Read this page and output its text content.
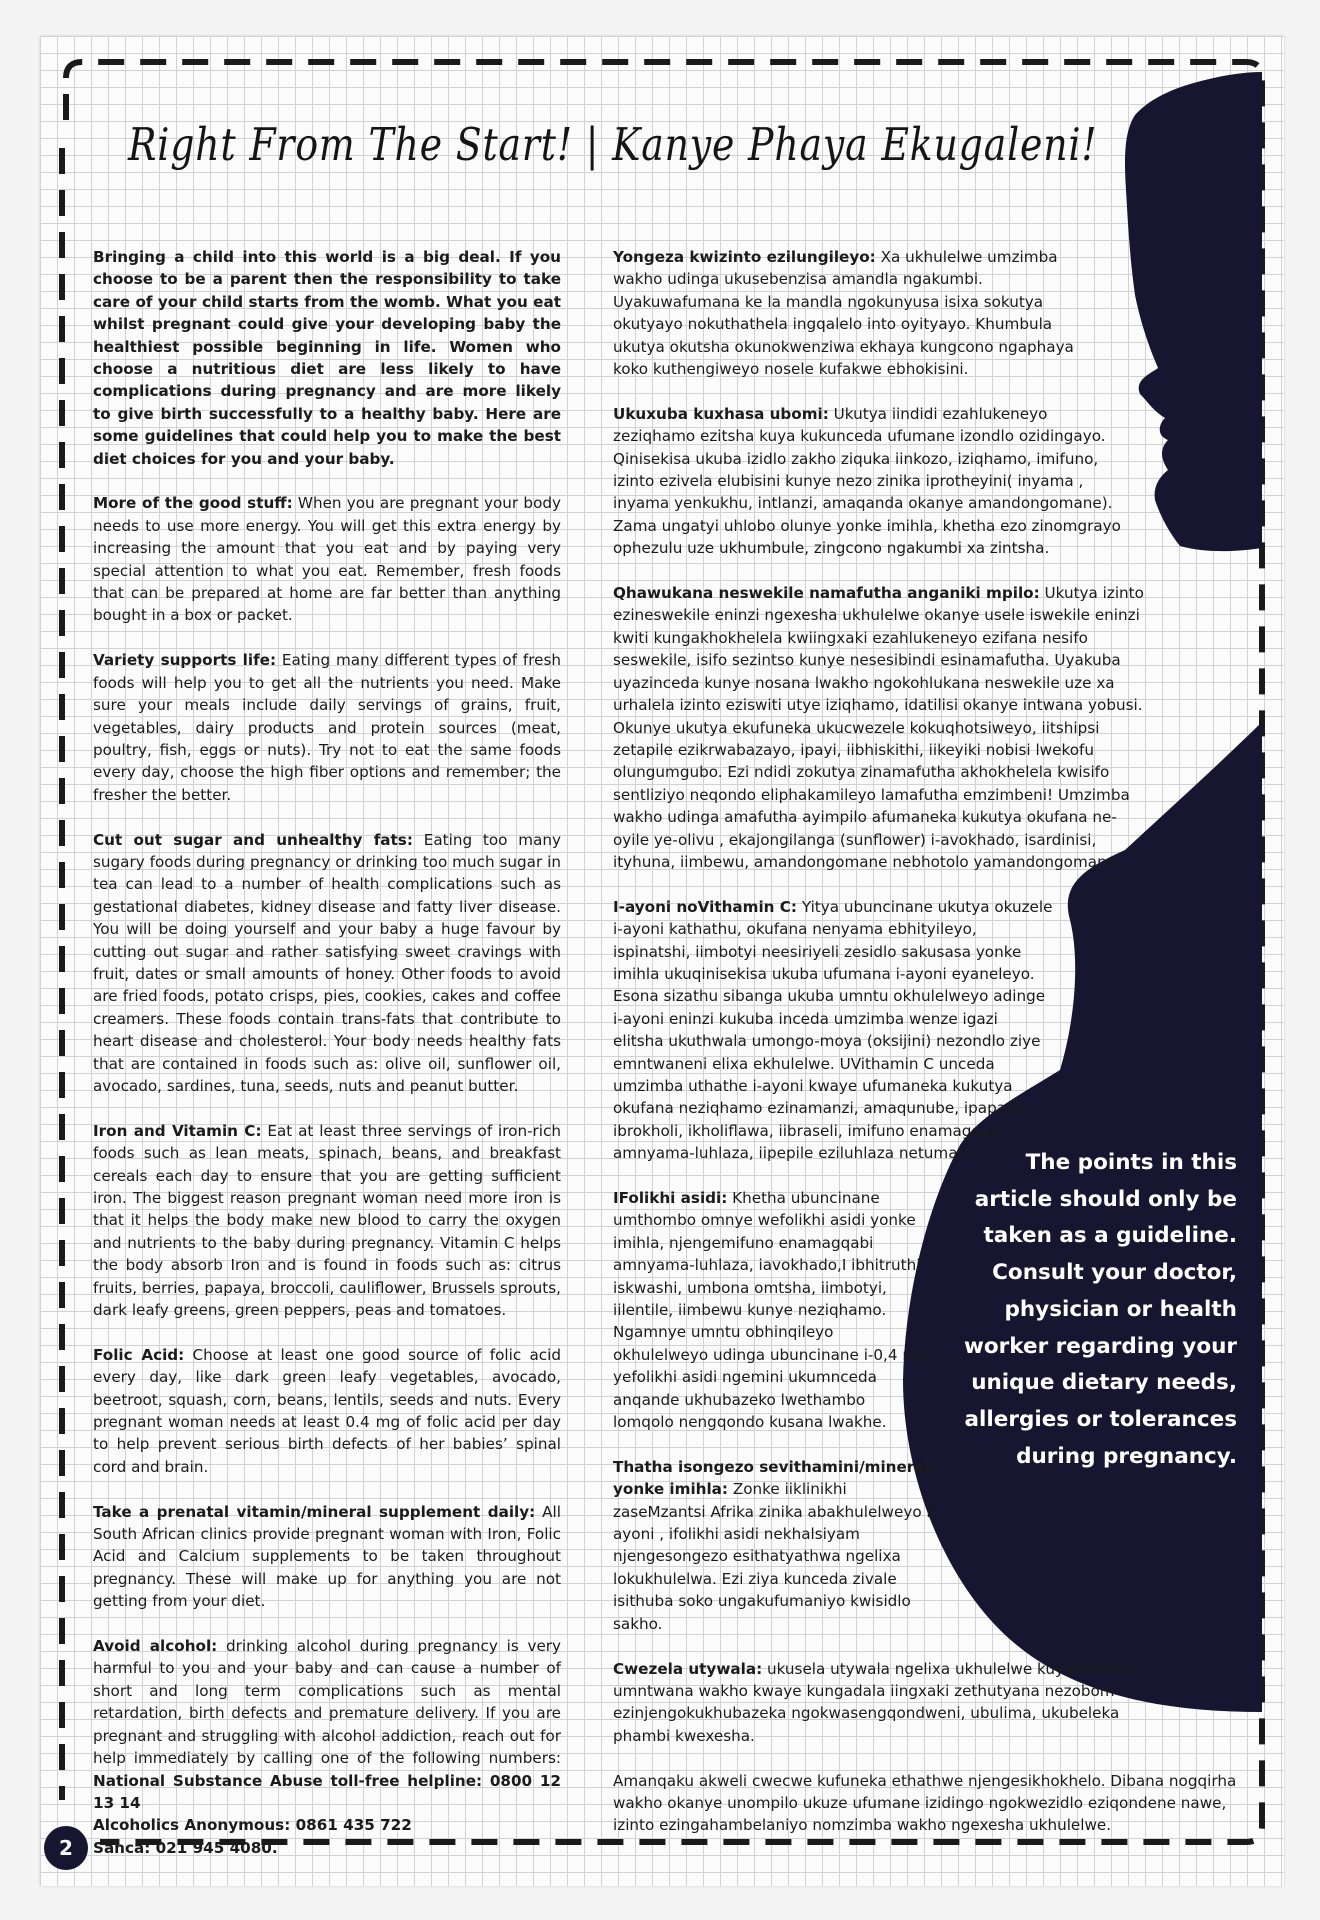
Right From The Start! | Kanye Phaya Ekugaleni!

Bringing a child into this world is a big deal. If you choose to be a parent then the responsibility to take care of your child starts from the womb. What you eat whilst pregnant could give your developing baby the healthiest possible beginning in life. Women who choose a nutritious diet are less likely to have complications during pregnancy and are more likely to give birth successfully to a healthy baby. Here are some guidelines that could help you to make the best diet choices for you and your baby.

More of the good stuff: When you are pregnant your body needs to use more energy. You will get this extra energy by increasing the amount that you eat and by paying very special attention to what you eat. Remember, fresh foods that can be prepared at home are far better than anything bought in a box or packet.

Variety supports life: Eating many different types of fresh foods will help you to get all the nutrients you need. Make sure your meals include daily servings of grains, fruit, vegetables, dairy products and protein sources (meat, poultry, fish, eggs or nuts). Try not to eat the same foods every day, choose the high fiber options and remember; the fresher the better.

Cut out sugar and unhealthy fats: Eating too many sugary foods during pregnancy or drinking too much sugar in tea can lead to a number of health complications such as gestational diabetes, kidney disease and fatty liver disease. You will be doing yourself and your baby a huge favour by cutting out sugar and rather satisfying sweet cravings with fruit, dates or small amounts of honey. Other foods to avoid are fried foods, potato crisps, pies, cookies, cakes and coffee creamers. These foods contain trans-fats that contribute to heart disease and cholesterol. Your body needs healthy fats that are contained in foods such as: olive oil, sunflower oil, avocado, sardines, tuna, seeds, nuts and peanut butter.

Iron and Vitamin C: Eat at least three servings of iron-rich foods such as lean meats, spinach, beans, and breakfast cereals each day to ensure that you are getting sufficient iron. The biggest reason pregnant woman need more iron is that it helps the body make new blood to carry the oxygen and nutrients to the baby during pregnancy. Vitamin C helps the body absorb Iron and is found in foods such as: citrus fruits, berries, papaya, broccoli, cauliflower, Brussels sprouts, dark leafy greens, green peppers, peas and tomatoes.

Folic Acid: Choose at least one good source of folic acid every day, like dark green leafy vegetables, avocado, beetroot, squash, corn, beans, lentils, seeds and nuts. Every pregnant woman needs at least 0.4 mg of folic acid per day to help prevent serious birth defects of her babies’ spinal cord and brain.

Take a prenatal vitamin/mineral supplement daily: All South African clinics provide pregnant woman with Iron, Folic Acid and Calcium supplements to be taken throughout pregnancy. These will make up for anything you are not getting from your diet.

Avoid alcohol: drinking alcohol during pregnancy is very harmful to you and your baby and can cause a number of short and long term complications such as mental retardation, birth defects and premature delivery. If you are pregnant and struggling with alcohol addiction, reach out for help immediately by calling one of the following numbers: National Substance Abuse toll-free helpline: 0800 12 13 14
Alcoholics Anonymous: 0861 435 722
Sanca: 021 945 4080.

Yongeza kwizinto ezilungileyo: Xa ukhulelwe umzimba wakho udinga ukusebenzisa amandla ngakumbi. Uyakuwafumana ke la mandla ngokunyusa isixa sokutya okutyayo nokuthathela ingqalelo into oyityayo. Khumbula ukutya okutsha okunokwenziwa ekhaya kungcono ngaphaya koko kuthengiweyo nosele kufakwe ebhokisini.

Ukuxuba kuxhasa ubomi: Ukutya iindidi ezahlukeneyo zeziqhamo ezitsha kuya kukunceda ufumane izondlo ozidingayo. Qinisekisa ukuba izidlo zakho ziquka iinkozo, iziqhamo, imifuno, izinto ezivela elubisini kunye nezo zinika iprotheyini( inyama , inyama yenkukhu, intlanzi, amaqanda okanye amandongomane). Zama ungatyi uhlobo olunye yonke imihla, khetha ezo zinomgrayo ophezulu uze ukhumbule, zingcono ngakumbi xa zintsha.

Qhawukana neswekile namafutha anganiki mpilo: Ukutya izinto ezineswekile eninzi ngexesha ukhulelwe okanye usele iswekile eninzi kwiti kungakhokhelela kwiingxaki ezahlukeneyo ezifana nesifo seswekile, isifo sezintso kunye nesesibindi esinamafutha. Uyakuba uyazinceda kunye nosana lwakho ngokohlukana neswekile uze xa urhalela izinto eziswiti utye iziqhamo, idatilisi okanye intwana yobusi. Okunye ukutya ekufuneka ukucwezele kokuqhotsiweyo, iitshipsi zetapile ezikrwabazayo, ipayi, iibhiskithi, iikeyiki nobisi lwekofu olungumgubo. Ezi ndidi zokutya zinamafutha akhokhelela kwisifo sentliziyo neqondo eliphakamileyo lamafutha emzimbeni! Umzimba wakho udinga amafutha ayimpilo afumaneka kukutya okufana ne-oyile ye-olivu , ekajongilanga (sunflower) i-avokhado, isardinisi, ityhuna, iimbewu, amandongomane nebhotolo yamandongomane.

I-ayoni noVithamin C: Yitya ubuncinane ukutya okuzele i-ayoni kathathu, okufana nenyama ebhityileyo, ispinatshi, iimbotyi neesiriyeli zesidlo sakusasa yonke imihla ukuqinisekisa ukuba ufumana i-ayoni eyaneleyo. Esona sizathu sibanga ukuba umntu okhulelweyo adinge i-ayoni eninzi kukuba inceda umzimba wenze igazi elitsha ukuthwala umongo-moya (oksijini) nezondlo ziye emntwaneni elixa ekhulelwe. UVithamin C unceda umzimba uthathe i-ayoni kwaye ufumaneka kukutya okufana neziqhamo ezinamanzi, amaqunube, ipapaya, ibrokholi, ikholiflawa, iibraseli, imifuno enamagqabi amnyama-luhlaza, iipepile eziluhlaza netumato.

IFolikhi asidi: Khetha ubuncinane umthombo omnye wefolikhi asidi yonke imihla, njengemifuno enamagqabi amnyama-luhlaza, iavokhado,I ibhitruthi, iskwashi, umbona omtsha, iimbotyi, iilentile, iimbewu kunye neziqhamo. Ngamnye umntu obhinqileyo okhulelweyo udinga ubuncinane i-0,4 mg yefolikhi asidi ngemini ukumnceda anqande ukhubazeko lwethambo lomqolo nengqondo kusana lwakhe.

Thatha isongezo sevithamini/minerali yonke imihla: Zonke iiklinikhi zaseMzantsi Afrika zinika abakhulelweyo i-ayoni , ifolikhi asidi nekhalsiyam njengesongezo esithatyathwa ngelixa lokukhulelwa. Ezi ziya kunceda zivale isithuba soko ungakufumaniyo kwisidlo sakho.

Cwezela utywala: ukusela utywala ngelixa ukhulelwe kuyamlimaza umntwana wakho kwaye kungadala iingxaki zethutyana nezobom ezinjengokukhubazeka ngokwasengqondweni, ubulima, ukubeleka phambi kwexesha.

Amanqaku akweli cwecwe kufuneka ethathwe njengesikhokhelo. Dibana nogqirha wakho okanye unompilo ukuze ufumane izidingo ngokwezidlo eziqondene nawe, izinto ezingahambelaniyo nomzimba wakho ngexesha ukhulelwe.

The points in this article should only be taken as a guideline. Consult your doctor, physician or health worker regarding your unique dietary needs, allergies or tolerances during pregnancy.

2
